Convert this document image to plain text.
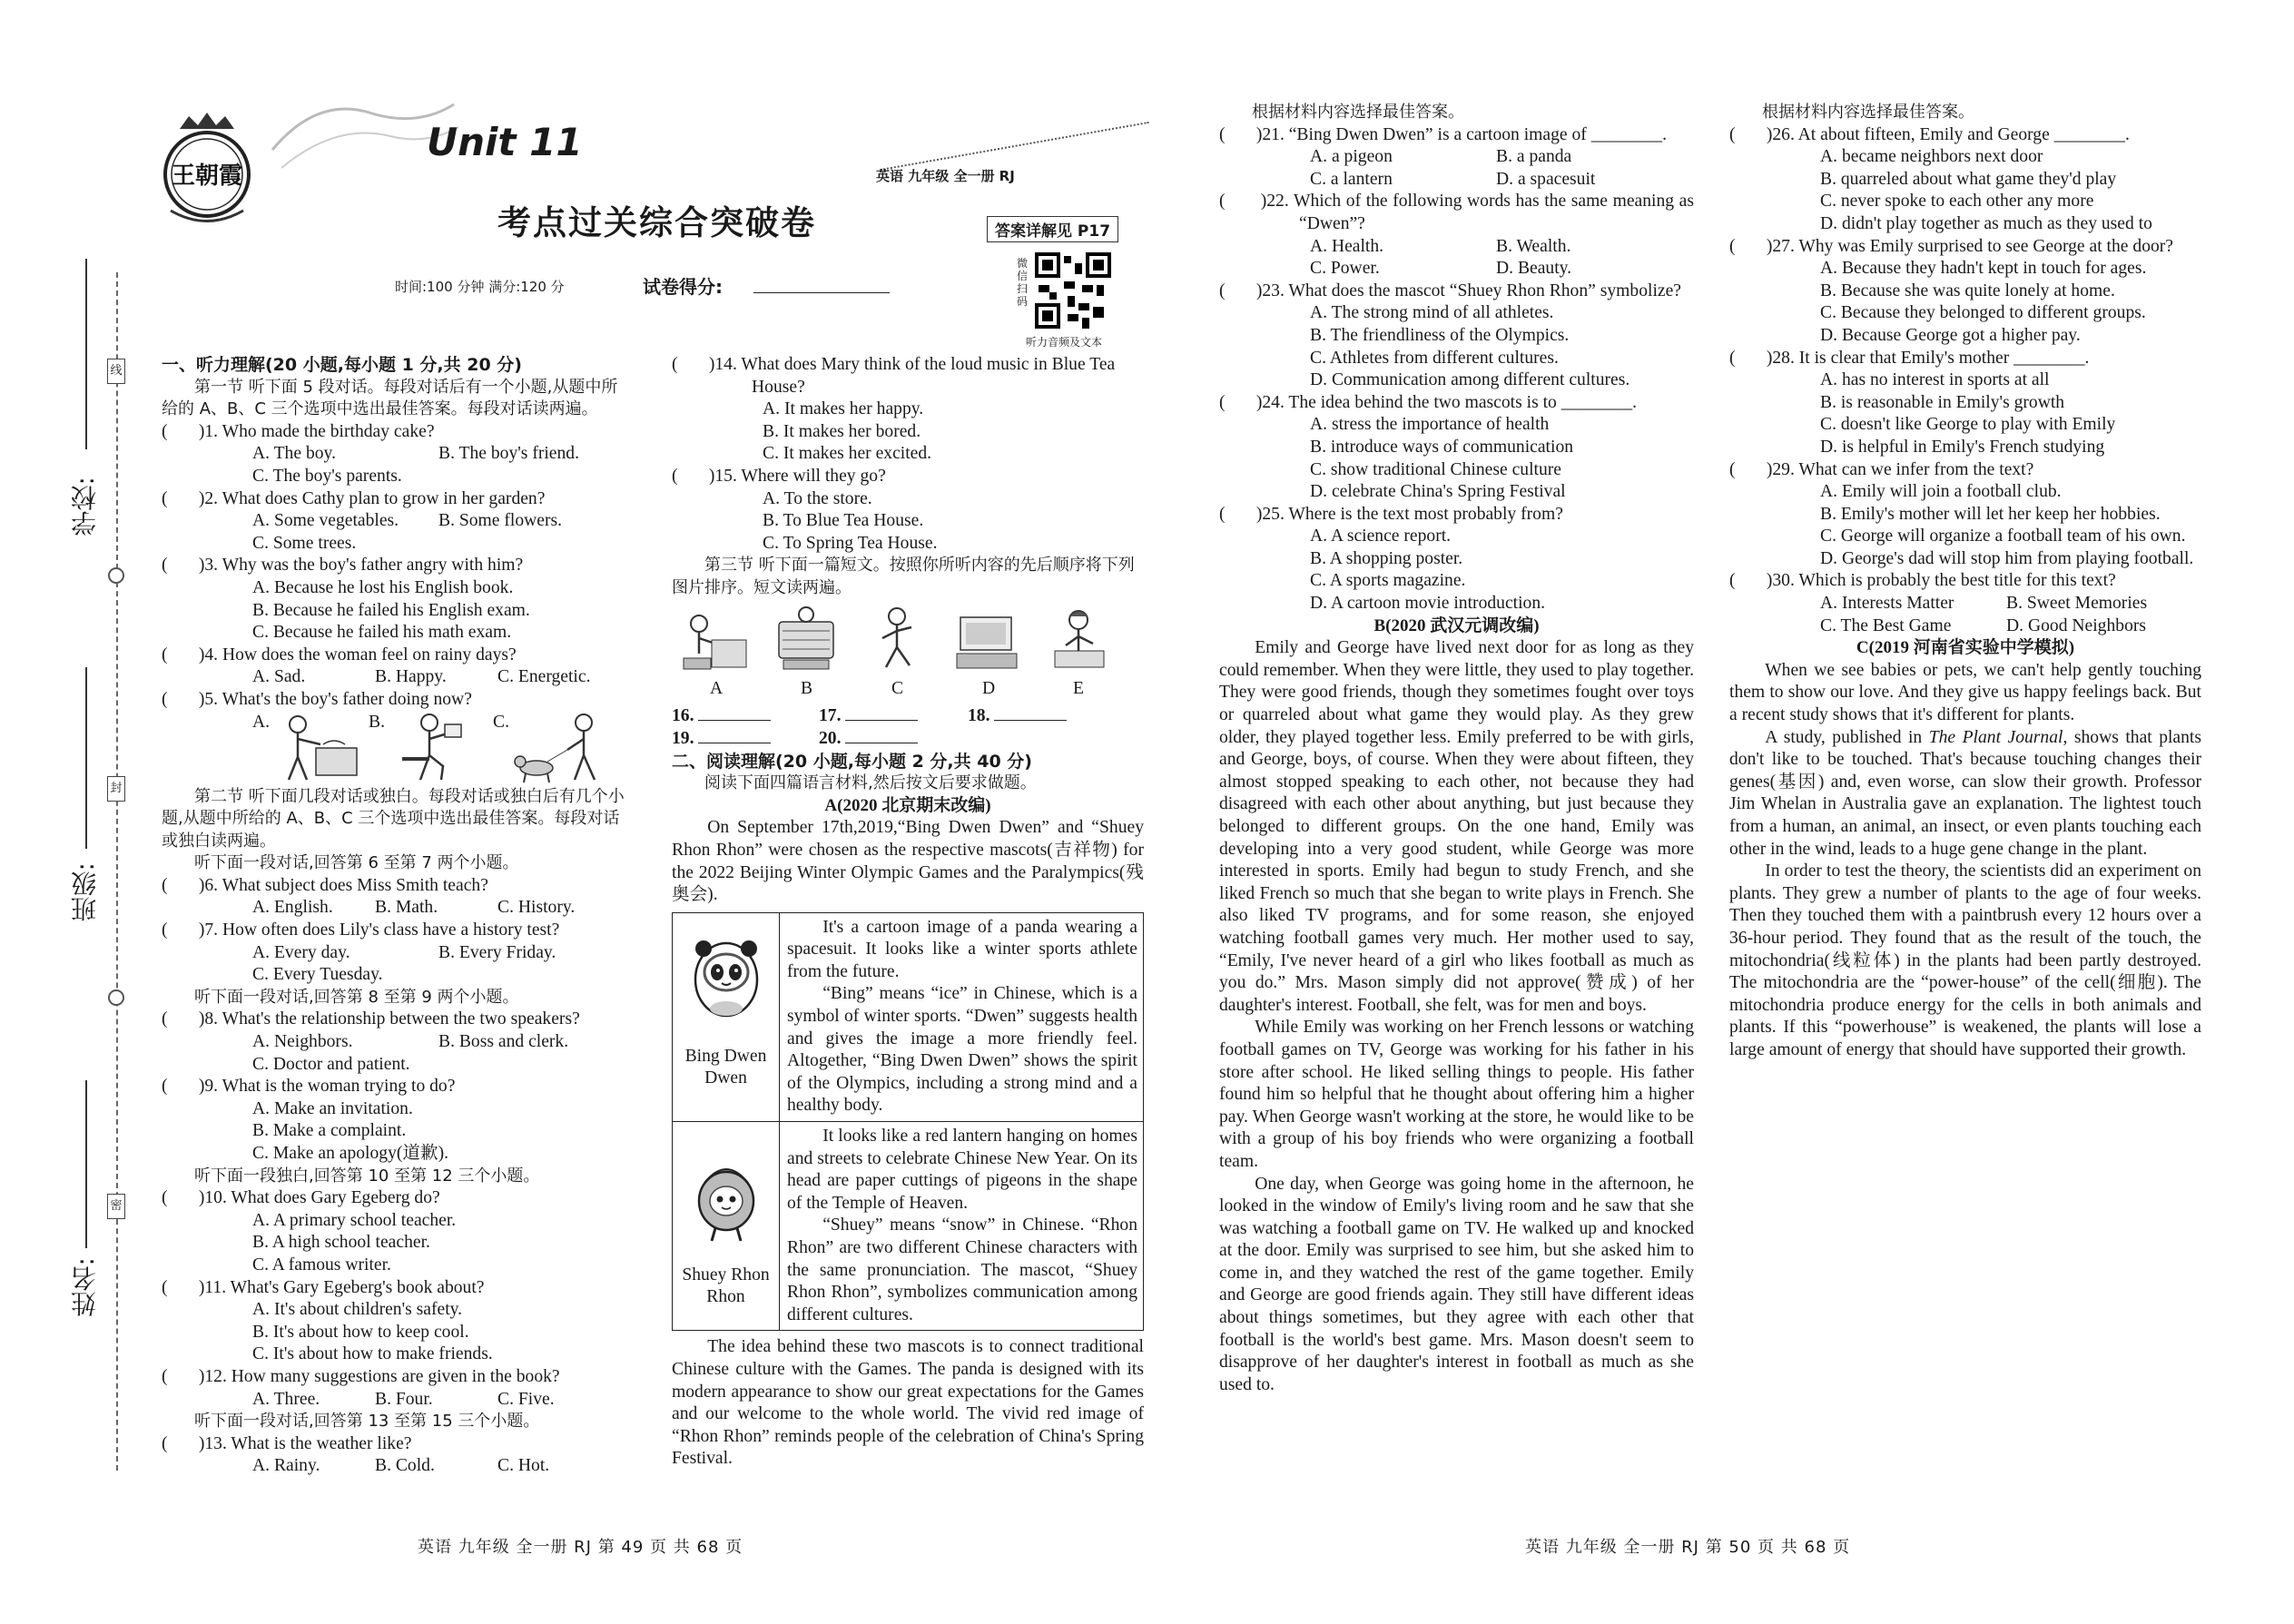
线
封
密
学校:
班级:
姓名:
王朝霞
Unit 11
考点过关综合突破卷
英语 九年级 全一册 RJ
答案详解见 P17
时间:100 分钟 满分:120 分	试卷得分:
微信扫码
听力音频及文本

一、听力理解(20 小题,每小题 1 分,共 20 分)

第一节 听下面 5 段对话。每段对话后有一个小题,从题中所给的 A、B、C 三个选项中选出最佳答案。每段对话读两遍。

(       )1. Who made the birthday cake?

A. The boy.	B. The boy's friend.

C. The boy's parents.

(       )2. What does Cathy plan to grow in her garden?

A. Some vegetables.	B. Some flowers.

C. Some trees.

(       )3. Why was the boy's father angry with him?

A. Because he lost his English book.

B. Because he failed his English exam.

C. Because he failed his math exam.

(       )4. How does the woman feel on rainy days?

A. Sad.	B. Happy.	C. Energetic.

(       )5. What's the boy's father doing now?

A.	B.	C.

第二节 听下面几段对话或独白。每段对话或独白后有几个小题,从题中所给的 A、B、C 三个选项中选出最佳答案。每段对话或独白读两遍。

听下面一段对话,回答第 6 至第 7 两个小题。

(       )6. What subject does Miss Smith teach?

A. English.	B. Math.	C. History.

(       )7. How often does Lily's class have a history test?

A. Every day.	B. Every Friday.

C. Every Tuesday.

听下面一段对话,回答第 8 至第 9 两个小题。

(       )8. What's the relationship between the two speakers?

A. Neighbors.	B. Boss and clerk.

C. Doctor and patient.

(       )9. What is the woman trying to do?

A. Make an invitation.

B. Make a complaint.

C. Make an apology(道歉).

听下面一段独白,回答第 10 至第 12 三个小题。

(       )10. What does Gary Egeberg do?

A. A primary school teacher.

B. A high school teacher.

C. A famous writer.

(       )11. What's Gary Egeberg's book about?

A. It's about children's safety.

B. It's about how to keep cool.

C. It's about how to make friends.

(       )12. How many suggestions are given in the book?

A. Three.	B. Four.	C. Five.

听下面一段对话,回答第 13 至第 15 三个小题。

(       )13. What is the weather like?

A. Rainy.	B. Cold.	C. Hot.

(       )14. What does Mary think of the loud music in Blue Tea House?

A. It makes her happy.

B. It makes her bored.

C. It makes her excited.

(       )15. Where will they go?

A. To the store.

B. To Blue Tea House.

C. To Spring Tea House.

第三节 听下面一篇短文。按照你所听内容的先后顺序将下列图片排序。短文读两遍。

A	B	C	D	E
16.	17.	18.
19.	20.

二、阅读理解(20 小题,每小题 2 分,共 40 分)

阅读下面四篇语言材料,然后按文后要求做题。

A(2020 北京期末改编)

On September 17th,2019,“Bing Dwen Dwen” and “Shuey Rhon Rhon” were chosen as the respective mascots(吉祥物) for the 2022 Beijing Winter Olympic Games and the Paralympics(残奥会).

Bing Dwen Dwen	It's a cartoon image of a panda wearing a spacesuit. It looks like a winter sports athlete from the future.

“Bing” means “ice” in Chinese, which is a symbol of winter sports. “Dwen” suggests health and gives the image a more friendly feel. Altogether, “Bing Dwen Dwen” shows the spirit of the Olympics, including a strong mind and a healthy body.

Shuey Rhon Rhon	It looks like a red lantern hanging on homes and streets to celebrate Chinese New Year. On its head are paper cuttings of pigeons in the shape of the Temple of Heaven.

“Shuey” means “snow” in Chinese. “Rhon Rhon” are two different Chinese characters with the same pronunciation. The mascot, “Shuey Rhon Rhon”, symbolizes communication among different cultures.

The idea behind these two mascots is to connect traditional Chinese culture with the Games. The panda is designed with its modern appearance to show our great expectations for the Games and our welcome to the whole world. The vivid red image of “Rhon Rhon” reminds people of the celebration of China's Spring Festival.

根据材料内容选择最佳答案。

(       )21. “Bing Dwen Dwen” is a cartoon image of ________.

A. a pigeon	B. a panda

C. a lantern	D. a spacesuit

(       )22. Which of the following words has the same meaning as “Dwen”?

A. Health.	B. Wealth.

C. Power.	D. Beauty.

(       )23. What does the mascot “Shuey Rhon Rhon” symbolize?

A. The strong mind of all athletes.

B. The friendliness of the Olympics.

C. Athletes from different cultures.

D. Communication among different cultures.

(       )24. The idea behind the two mascots is to ________.

A. stress the importance of health

B. introduce ways of communication

C. show traditional Chinese culture

D. celebrate China's Spring Festival

(       )25. Where is the text most probably from?

A. A science report.

B. A shopping poster.

C. A sports magazine.

D. A cartoon movie introduction.

B(2020 武汉元调改编)

Emily and George have lived next door for as long as they could remember. When they were little, they used to play together. They were good friends, though they sometimes fought over toys or quarreled about what game they would play. As they grew older, they played together less. Emily preferred to be with girls, and George, boys, of course. When they were about fifteen, they almost stopped speaking to each other, not because they had disagreed with each other about anything, but just because they belonged to different groups. On the one hand, Emily was developing into a very good student, while George was more interested in sports. Emily had begun to study French, and she liked French so much that she began to write plays in French. She also liked TV programs, and for some reason, she enjoyed watching football games very much. Her mother used to say, “Emily, I've never heard of a girl who likes football as much as you do.” Mrs. Mason simply did not approve(赞成) of her daughter's interest. Football, she felt, was for men and boys.

While Emily was working on her French lessons or watching football games on TV, George was working for his father in his store after school. He liked selling things to people. His father found him so helpful that he thought about offering him a higher pay. When George wasn't working at the store, he would like to be with a group of his boy friends who were organizing a football team.

One day, when George was going home in the afternoon, he looked in the window of Emily's living room and he saw that she was watching a football game on TV. He walked up and knocked at the door. Emily was surprised to see him, but she asked him to come in, and they watched the rest of the game together. Emily and George are good friends again. They still have different ideas about things sometimes, but they agree with each other that football is the world's best game. Mrs. Mason doesn't seem to disapprove of her daughter's interest in football as much as she used to.

根据材料内容选择最佳答案。

(       )26. At about fifteen, Emily and George ________.

A. became neighbors next door

B. quarreled about what game they'd play

C. never spoke to each other any more

D. didn't play together as much as they used to

(       )27. Why was Emily surprised to see George at the door?

A. Because they hadn't kept in touch for ages.

B. Because she was quite lonely at home.

C. Because they belonged to different groups.

D. Because George got a higher pay.

(       )28. It is clear that Emily's mother ________.

A. has no interest in sports at all

B. is reasonable in Emily's growth

C. doesn't like George to play with Emily

D. is helpful in Emily's French studying

(       )29. What can we infer from the text?

A. Emily will join a football club.

B. Emily's mother will let her keep her hobbies.

C. George will organize a football team of his own.

D. George's dad will stop him from playing football.

(       )30. Which is probably the best title for this text?

A. Interests Matter	B. Sweet Memories

C. The Best Game	D. Good Neighbors

C(2019 河南省实验中学模拟)

When we see babies or pets, we can't help gently touching them to show our love. And they give us happy feelings back. But a recent study shows that it's different for plants.

A study, published in The Plant Journal, shows that plants don't like to be touched. That's because touching changes their genes(基因) and, even worse, can slow their growth. Professor Jim Whelan in Australia gave an explanation. The lightest touch from a human, an animal, an insect, or even plants touching each other in the wind, leads to a huge gene change in the plant.

In order to test the theory, the scientists did an experiment on plants. They grew a number of plants to the age of four weeks. Then they touched them with a paintbrush every 12 hours over a 36-hour period. They found that as the result of the touch, the mitochondria(线粒体) in the plants had been partly destroyed. The mitochondria are the “power-house” of the cell(细胞). The mitochondria produce energy for the cells in both animals and plants. If this “powerhouse” is weakened, the plants will lose a large amount of energy that should have supported their growth.

英语 九年级 全一册 RJ 第 49 页 共 68 页	英语 九年级 全一册 RJ 第 50 页 共 68 页
